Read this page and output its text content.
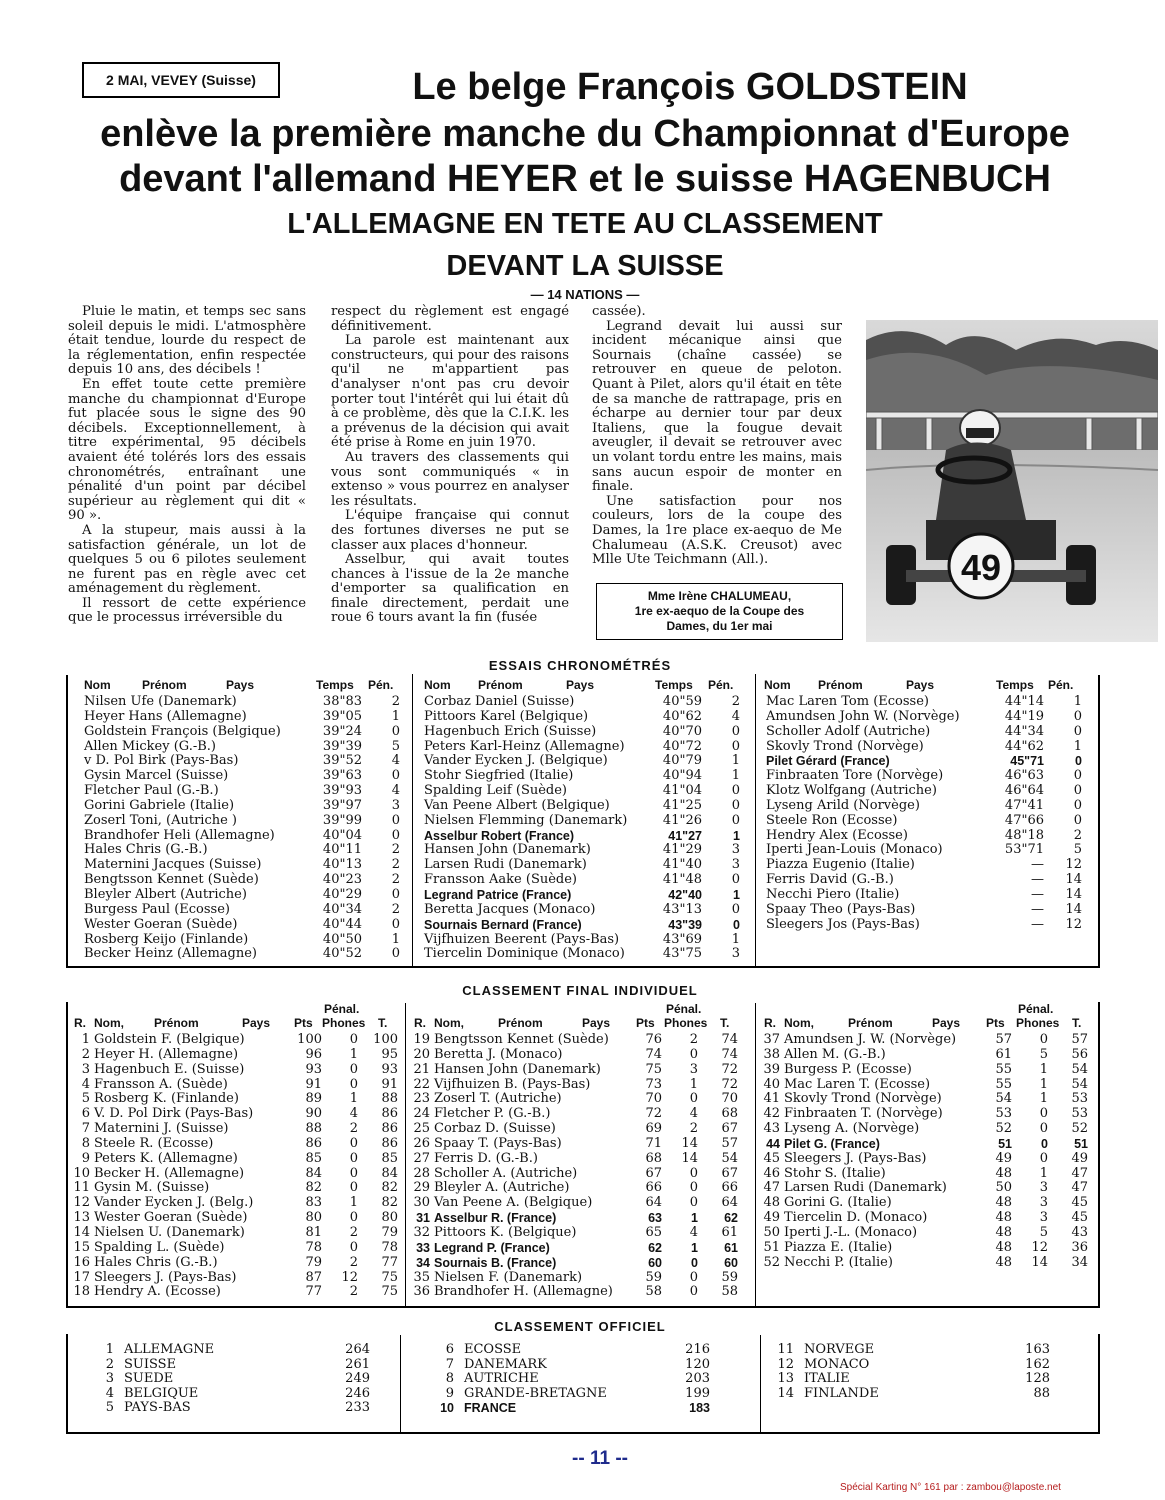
2 MAI, VEVEY (Suisse)	Le belge François GOLDSTEIN
enlève la première manche du Championnat d'Europe
devant l'allemand HEYER et le suisse HAGENBUCH
L'ALLEMAGNE EN TETE AU CLASSEMENT
DEVANT LA SUISSE
— 14 NATIONS —

Pluie le matin, et temps sec sans soleil depuis le midi. L'atmosphère était tendue, lourde du respect de la réglementation, enfin respectée depuis 10 ans, des décibels !

En effet toute cette première manche du championnat d'Europe fut placée sous le signe des 90 décibels. Exceptionnellement, à titre expérimental, 95 décibels avaient été tolérés lors des essais chronométrés, entraînant une pénalité d'un point par décibel supérieur au règlement qui dit « 90 ».

A la stupeur, mais aussi à la satisfaction générale, un lot de quelques 5 ou 6 pilotes seulement ne furent pas en règle avec cet aménagement du règlement.

Il ressort de cette expérience que le processus irréversible du

respect du règlement est engagé définitivement.

La parole est maintenant aux constructeurs, qui pour des raisons qu'il ne m'appartient pas d'analyser n'ont pas cru devoir porter tout l'intérêt qui lui était dû à ce problème, dès que la C.I.K. les a prévenus de la décision qui avait été prise à Rome en juin 1970.

Au travers des classements qui vous sont communiqués « in extenso » vous pourrez en analyser les résultats.

L'équipe française qui connut des fortunes diverses ne put se classer aux places d'honneur.

Asselbur, qui avait toutes chances à l'issue de la 2e manche d'emporter sa qualification en finale directement, perdait une roue 6 tours avant la fin (fusée

cassée).

Legrand devait lui aussi sur incident mécanique ainsi que Sournais (chaîne cassée) se retrouver en queue de peloton. Quant à Pilet, alors qu'il était en tête de sa manche de rattrapage, pris en écharpe au dernier tour par deux Italiens, que la fougue devait aveugler, il devait se retrouver avec un volant tordu entre les mains, mais sans aucun espoir de monter en finale.

Une satisfaction pour nos couleurs, lors de la coupe des Dames, la 1re place ex-aequo de Me Chalumeau (A.S.K. Creusot) avec Mlle Ute Teichmann (All.).

Mme Irène CHALUMEAU,
1re ex-aequo de la Coupe des
Dames, du 1er mai
49
ESSAIS CHRONOMÉTRÉS
Nom	Prénom	Pays	Temps Pén.
Nilsen Ufe (Danemark)	38"83	2
Heyer Hans (Allemagne)	39"05	1
Goldstein François (Belgique)	39"24	0
Allen Mickey (G.-B.)	39"39	5
v D. Pol Birk (Pays-Bas)	39"52	4
Gysin Marcel (Suisse)	39"63	0
Fletcher Paul (G.-B.)	39"93	4
Gorini Gabriele (Italie)	39"97	3
Zoserl Toni, (Autriche )	39"99	0
Brandhofer Heli (Allemagne)	40"04	0
Hales Chris (G.-B.)	40"11	2
Maternini Jacques (Suisse)	40"13	2
Bengtsson Kennet (Suède)	40"23	2
Bleyler Albert (Autriche)	40"29	0
Burgess Paul (Ecosse)	40"34	2
Wester Goeran (Suède)	40"44	0
Rosberg Keijo (Finlande)	40"50	1
Becker Heinz (Allemagne)	40"52	0
Nom Prénom	Pays	Temps Pén.
Corbaz Daniel (Suisse)	40"59	2
Pittoors Karel (Belgique)	40"62	4
Hagenbuch Erich (Suisse)	40"70	0
Peters Karl-Heinz (Allemagne)	40"72	0
Vander Eycken J. (Belgique)	40"79	1
Stohr Siegfried (Italie)	40"94	1
Spalding Leif (Suède)	41"04	0
Van Peene Albert (Belgique)	41"25	0
Nielsen Flemming (Danemark)	41"26	0
Asselbur Robert (France)	41"27	1
Hansen John (Danemark)	41"29	3
Larsen Rudi (Danemark)	41"40	3
Fransson Aake (Suède)	41"48	0
Legrand Patrice (France)	42"40	1
Beretta Jacques (Monaco)	43"13	0
Sournais Bernard (France)	43"39	0
Vijfhuizen Beerent (Pays-Bas)	43"69	1
Tiercelin Dominique (Monaco)	43"75	3
Nom Prénom	Pays	Temps Pén.
Mac Laren Tom (Ecosse)	44"14	1
Amundsen John W. (Norvège)	44"19	0
Scholler Adolf (Autriche)	44"34	0
Skovly Trond (Norvège)	44"62	1
Pilet Gérard (France)	45"71	0
Finbraaten Tore (Norvège)	46"63	0
Klotz Wolfgang (Autriche)	46"64	0
Lyseng Arild (Norvège)	47"41	0
Steele Ron (Ecosse)	47"66	0
Hendry Alex (Ecosse)	48"18	2
Iperti Jean-Louis (Monaco)	53"71	5
Piazza Eugenio (Italie)	—	12
Ferris David (G.-B.)	—	14
Necchi Piero (Italie)	—	14
Spaay Theo (Pays-Bas)	—	14
Sleegers Jos (Pays-Bas)	—	12
CLASSEMENT FINAL INDIVIDUEL
Pénal.
R. Nom,	Prénom	Pays Pts Phones T.
1 Goldstein F. (Belgique)	100	0	100
2 Heyer H. (Allemagne)	96	1	95
3 Hagenbuch E. (Suisse)	93	0	93
4 Fransson A. (Suède)	91	0	91
5 Rosberg K. (Finlande)	89	1	88
6 V. D. Pol Dirk (Pays-Bas)	90	4	86
7 Maternini J. (Suisse)	88	2	86
8 Steele R. (Ecosse)	86	0	86
9 Peters K. (Allemagne)	85	0	85
10 Becker H. (Allemagne)	84	0	84
11 Gysin M. (Suisse)	82	0	82
12 Vander Eycken J. (Belg.)	83	1	82
13 Wester Goeran (Suède)	80	0	80
14 Nielsen U. (Danemark)	81	2	79
15 Spalding L. (Suède)	78	0	78
16 Hales Chris (G.-B.)	79	2	77
17 Sleegers J. (Pays-Bas)	87	12	75
18 Hendry A. (Ecosse)	77	2	75
Pénal.
R. Nom,	Prénom	Pays Pts Phones T.
19 Bengtsson Kennet (Suède)	76	2	74
20 Beretta J. (Monaco)	74	0	74
21 Hansen John (Danemark)	75	3	72
22 Vijfhuizen B. (Pays-Bas)	73	1	72
23 Zoserl T. (Autriche)	70	0	70
24 Fletcher P. (G.-B.)	72	4	68
25 Corbaz D. (Suisse)	69	2	67
26 Spaay T. (Pays-Bas)	71	14	57
27 Ferris D. (G.-B.)	68	14	54
28 Scholler A. (Autriche)	67	0	67
29 Bleyler A. (Autriche)	66	0	66
30 Van Peene A. (Belgique)	64	0	64
31 Asselbur R. (France)	63	1	62
32 Pittoors K. (Belgique)	65	4	61
33 Legrand P. (France)	62	1	61
34 Sournais B. (France)	60	0	60
35 Nielsen F. (Danemark)	59	0	59
36 Brandhofer H. (Allemagne)	58	0	58
Pénal.
R. Nom,	Prénom	Pays Pts Phones T.
37 Amundsen J. W. (Norvège)	57	0	57
38 Allen M. (G.-B.)	61	5	56
39 Burgess P. (Ecosse)	55	1	54
40 Mac Laren T. (Ecosse)	55	1	54
41 Skovly Trond (Norvège)	54	1	53
42 Finbraaten T. (Norvège)	53	0	53
43 Lyseng A. (Norvège)	52	0	52
44 Pilet G. (France)	51	0	51
45 Sleegers J. (Pays-Bas)	49	0	49
46 Stohr S. (Italie)	48	1	47
47 Larsen Rudi (Danemark)	50	3	47
48 Gorini G. (Italie)	48	3	45
49 Tiercelin D. (Monaco)	48	3	45
50 Iperti J.-L. (Monaco)	48	5	43
51 Piazza E. (Italie)	48	12	36
52 Necchi P. (Italie)	48	14	34
CLASSEMENT OFFICIEL
1 ALLEMAGNE	264
2 SUISSE	261
3 SUEDE	249
4 BELGIQUE	246
5 PAYS-BAS	233
6 ECOSSE	216
7 DANEMARK	120
8 AUTRICHE	203
9 GRANDE-BRETAGNE	199
10 FRANCE	183
11 NORVEGE	163
12 MONACO	162
13 ITALIE	128
14 FINLANDE	88
-- 11 --
Spécial Karting N° 161 par : zambou@laposte.net
